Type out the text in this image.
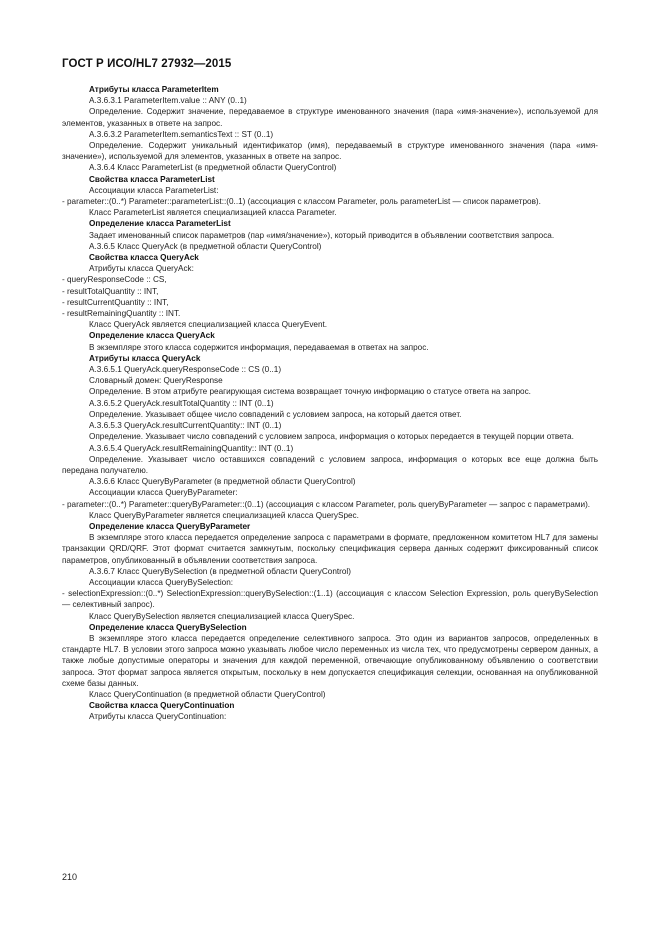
ГОСТ Р ИСО/HL7 27932—2015

Атрибуты класса ParameterItem

A.3.6.3.1 ParameterItem.value :: ANY (0..1)

Определение. Содержит значение, передаваемое в структуре именованного значения (пара «имя-значение»), используемой для элементов, указанных в ответе на запрос.

A.3.6.3.2 ParameterItem.semanticsText :: ST (0..1)

Определение. Содержит уникальный идентификатор (имя), передаваемый в структуре именованного значения (пара «имя-значение»), используемой для элементов, указанных в ответе на запрос.

A.3.6.4 Класс ParameterList (в предметной области QueryControl)

Свойства класса ParameterList

Ассоциации класса ParameterList:

- parameter::(0..*) Parameter::parameterList::(0..1) (ассоциация с классом Parameter, роль parameterList — список параметров).

Класс ParameterList является специализацией класса Parameter.

Определение класса ParameterList

Задает именованный список параметров (пар «имя/значение»), который приводится в объявлении соответствия запроса.

A.3.6.5 Класс QueryAck (в предметной области QueryControl)

Свойства класса QueryAck

Атрибуты класса QueryAck:

- queryResponseCode :: CS,

- resultTotalQuantity :: INT,

- resultCurrentQuantity :: INT,

- resultRemainingQuantity :: INT.

Класс QueryAck является специализацией класса QueryEvent.

Определение класса QueryAck

В экземпляре этого класса содержится информация, передаваемая в ответах на запрос.

Атрибуты класса QueryAck

A.3.6.5.1 QueryAck.queryResponseCode :: CS (0..1)

Словарный домен: QueryResponse

Определение. В этом атрибуте реагирующая система возвращает точную информацию о статусе ответа на запрос.

A.3.6.5.2 QueryAck.resultTotalQuantity :: INT (0..1)

Определение. Указывает общее число совпадений с условием запроса, на который дается ответ.

A.3.6.5.3 QueryAck.resultCurrentQuantity:: INT (0..1)

Определение. Указывает число совпадений с условием запроса, информация о которых передается в текущей порции ответа.

A.3.6.5.4 QueryAck.resultRemainingQuantity:: INT (0..1)

Определение. Указывает число оставшихся совпадений с условием запроса, информация о которых все еще должна быть передана получателю.

A.3.6.6 Класс QueryByParameter (в предметной области QueryControl)

Ассоциации класса QueryByParameter:

- parameter::(0..*) Parameter::queryByParameter::(0..1) (ассоциация с классом Parameter, роль queryByParameter — запрос с параметрами).

Класс QueryByParameter является специализацией класса QuerySpec.

Определение класса QueryByParameter

В экземпляре этого класса передается определение запроса с параметрами в формате, предложенном комитетом HL7 для замены транзакции QRD/QRF. Этот формат считается замкнутым, поскольку спецификация сервера данных содержит фиксированный список параметров, опубликованный в объявлении соответствия запроса.

A.3.6.7 Класс QueryBySelection (в предметной области QueryControl)

Ассоциации класса QueryBySelection:

- selectionExpression::(0..*) SelectionExpression::queryBySelection::(1..1) (ассоциация с классом Selection Expression, роль queryBySelection — селективный запрос).

Класс QueryBySelection является специализацией класса QuerySpec.

Определение класса QueryBySelection

В экземпляре этого класса передается определение селективного запроса. Это один из вариантов запросов, определенных в стандарте HL7. В условии этого запроса можно указывать любое число переменных из числа тех, что предусмотрены сервером данных, а также любые допустимые операторы и значения для каждой переменной, отвечающие опубликованному объявлению о соответствии запроса. Этот формат запроса является открытым, поскольку в нем допускается спецификация селекции, основанная на опубликованной схеме базы данных.

Класс QueryContinuation (в предметной области QueryControl)

Свойства класса QueryContinuation

Атрибуты класса QueryContinuation:

210
